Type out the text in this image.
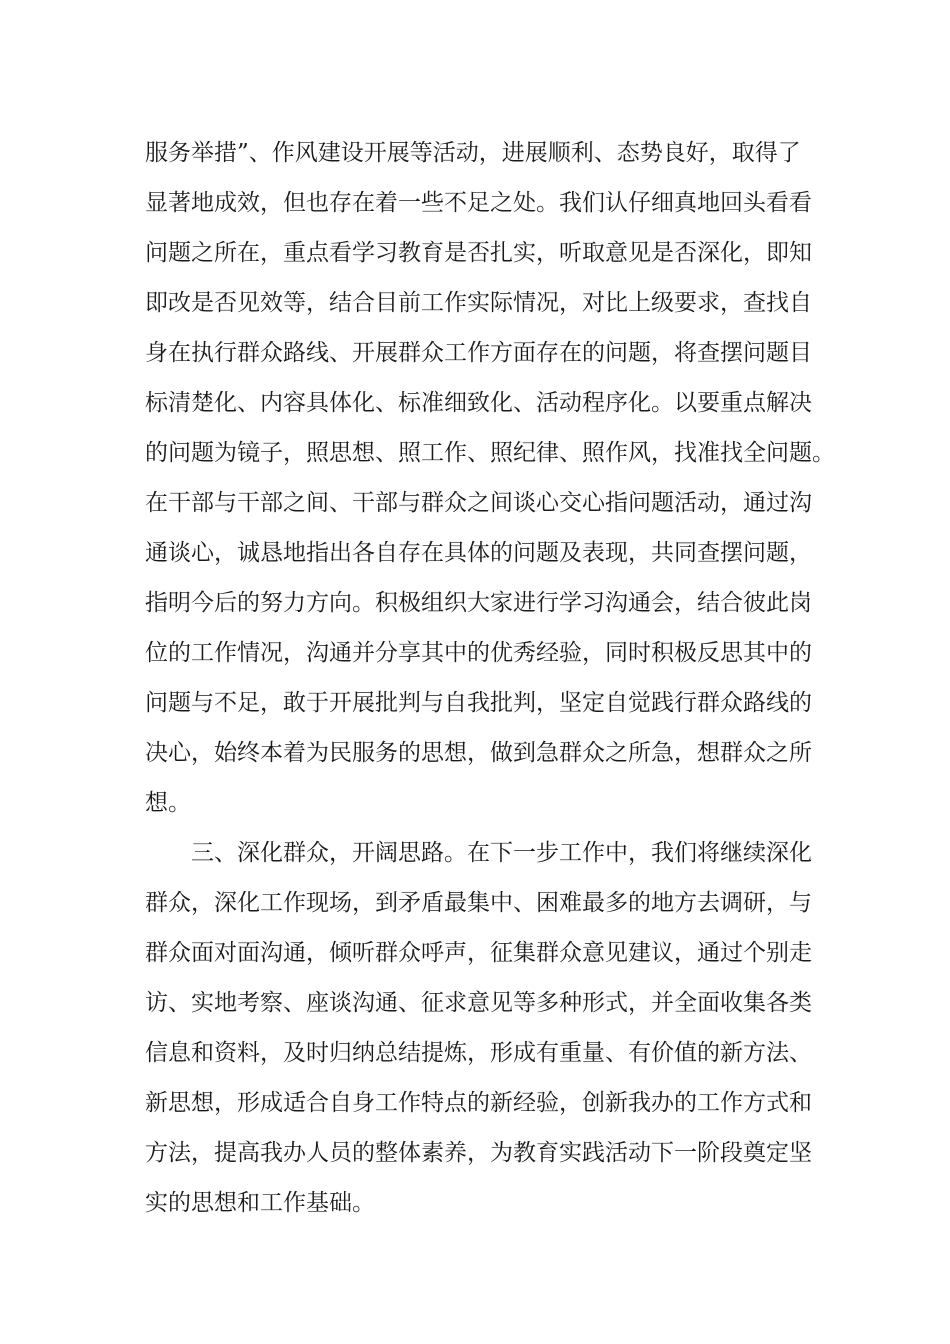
服务举措”、作风建设开展等活动，进展顺利、态势良好，取得了
显著地成效，但也存在着一些不足之处。我们认仔细真地回头看看
问题之所在，重点看学习教育是否扎实，听取意见是否深化，即知
即改是否见效等，结合目前工作实际情况，对比上级要求，查找自
身在执行群众路线、开展群众工作方面存在的问题，将查摆问题目
标清楚化、内容具体化、标准细致化、活动程序化。以要重点解决
的问题为镜子，照思想、照工作、照纪律、照作风，找准找全问题。
在干部与干部之间、干部与群众之间谈心交心指问题活动，通过沟
通谈心，诚恳地指出各自存在具体的问题及表现，共同查摆问题，
指明今后的努力方向。积极组织大家进行学习沟通会，结合彼此岗
位的工作情况，沟通并分享其中的优秀经验，同时积极反思其中的
问题与不足，敢于开展批判与自我批判，坚定自觉践行群众路线的
决心，始终本着为民服务的思想，做到急群众之所急，想群众之所
想。
三、深化群众，开阔思路。在下一步工作中，我们将继续深化
群众，深化工作现场，到矛盾最集中、困难最多的地方去调研，与
群众面对面沟通，倾听群众呼声，征集群众意见建议，通过个别走
访、实地考察、座谈沟通、征求意见等多种形式，并全面收集各类
信息和资料，及时归纳总结提炼，形成有重量、有价值的新方法、
新思想，形成适合自身工作特点的新经验，创新我办的工作方式和
方法，提高我办人员的整体素养，为教育实践活动下一阶段奠定坚
实的思想和工作基础。
